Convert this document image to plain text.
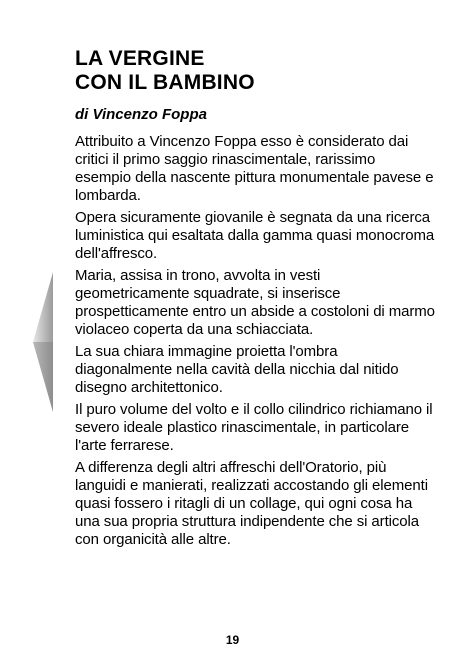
LA VERGINE
CON IL BAMBINO

di Vincenzo Foppa

Attribuito a Vincenzo Foppa esso è considerato dai critici il primo saggio rinascimentale, rarissimo esempio della nascente pittura monumentale pavese e lombarda.

Opera sicuramente giovanile è segnata da una ricerca luministica qui esaltata dalla gamma quasi monocroma dell'affresco.

Maria, assisa in trono, avvolta in vesti geometricamente squadrate, si inserisce prospetticamente entro un abside a costoloni di marmo violaceo coperta da una schiacciata.

La sua chiara immagine proietta l'ombra diagonalmente nella cavità della nicchia dal nitido disegno architettonico.

Il puro volume del volto e il collo cilindrico richiamano il severo ideale plastico rinascimentale, in particolare l'arte ferrarese.

A differenza degli altri affreschi dell'Oratorio, più languidi e manierati, realizzati accostando gli elementi quasi fossero i ritagli di un collage, qui ogni cosa ha una sua propria struttura indipendente che si articola con organicità alle altre.

19
